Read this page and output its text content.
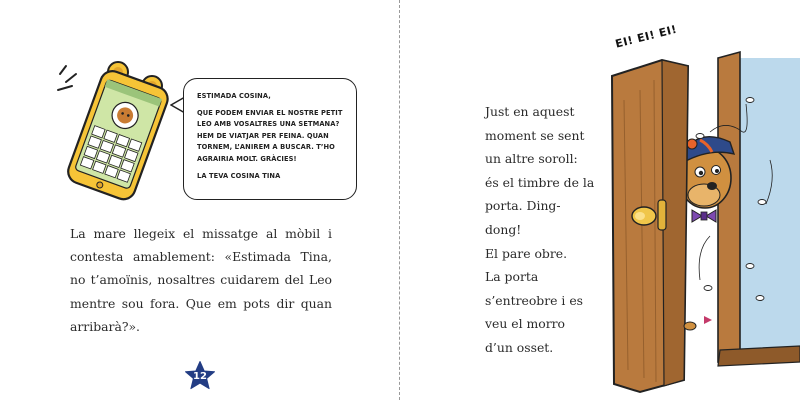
ESTIMADA COSINA,

QUE PODEM ENVIAR EL NOSTRE PETIT

LEO AMB VOSALTRES UNA SETMANA?

HEM DE VIATJAR PER FEINA. QUAN

TORNEM, L’ANIREM A BUSCAR. T’HO

AGRAIRIA MOLT. GRÀCIES!

LA TEVA COSINA TINA

La mare llegeix el missatge al mòbil i contesta amablement: «Estimada Tina, no t’amoïnis, nosaltres cuidarem del Leo mentre sou fora. Que em pots dir quan arribarà?».

12

Just en aquest moment se sent un altre soroll: és el timbre de la porta. Ding-dong!

El pare obre.

La porta s’entreobre i es veu el morro d’un osset.

EI! EI! EI!
